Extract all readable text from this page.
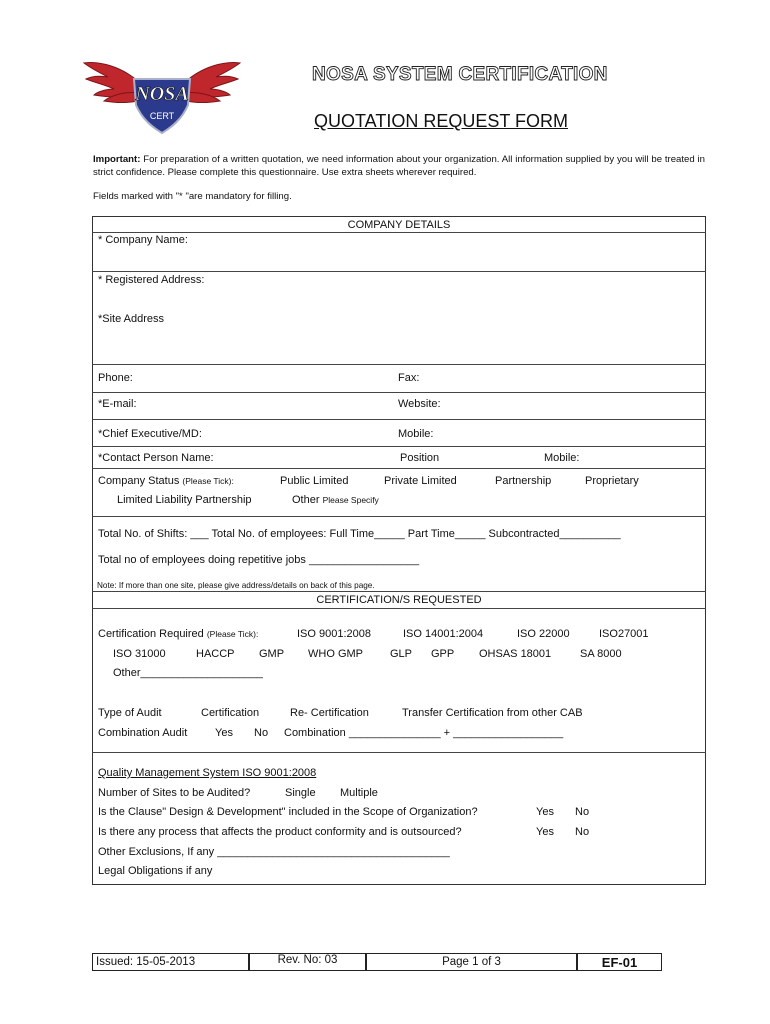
NOSA
CERT
NOSA SYSTEM CERTIFICATION
QUOTATION REQUEST FORM
Important: For preparation of a written quotation, we need information about your organization. All information supplied by you will be treated in strict confidence. Please complete this questionnaire. Use extra sheets wherever required.
Fields marked with "* "are mandatory for filling.
COMPANY DETAILS
* Company Name:
* Registered Address:
*Site Address
Phone:	Fax:
*E-mail:	Website:
*Chief Executive/MD:	Mobile:
*Contact Person Name:	Position	Mobile:
Company Status (Please Tick):	Public Limited	Private Limited	Partnership	Proprietary
Limited Liability Partnership	Other Please Specify
Total No. of Shifts: ___ Total No. of employees: Full Time_____ Part Time_____ Subcontracted__________
Total no of employees doing repetitive jobs __________________
Note: If more than one site, please give address/details on back of this page.
CERTIFICATION/S REQUESTED
Certification Required (Please Tick):	ISO 9001:2008	ISO 14001:2004	ISO 22000	ISO27001
ISO 31000	HACCP GMP WHO GMP GLP GPP OHSAS 18001	SA 8000
Other____________________
Type of Audit	Certification	Re- Certification	Transfer Certification from other CAB
Combination Audit	Yes No Combination _______________ + __________________
Quality Management System ISO 9001:2008
Number of Sites to be Audited?	Single Multiple
Is the Clause" Design & Development" included in the Scope of Organization?	Yes No
Is there any process that affects the product conformity and is outsourced?	Yes No
Other Exclusions, If any ______________________________________
Legal Obligations if any
Issued: 15-05-2013	Rev. No: 03	Page 1 of 3	EF-01
